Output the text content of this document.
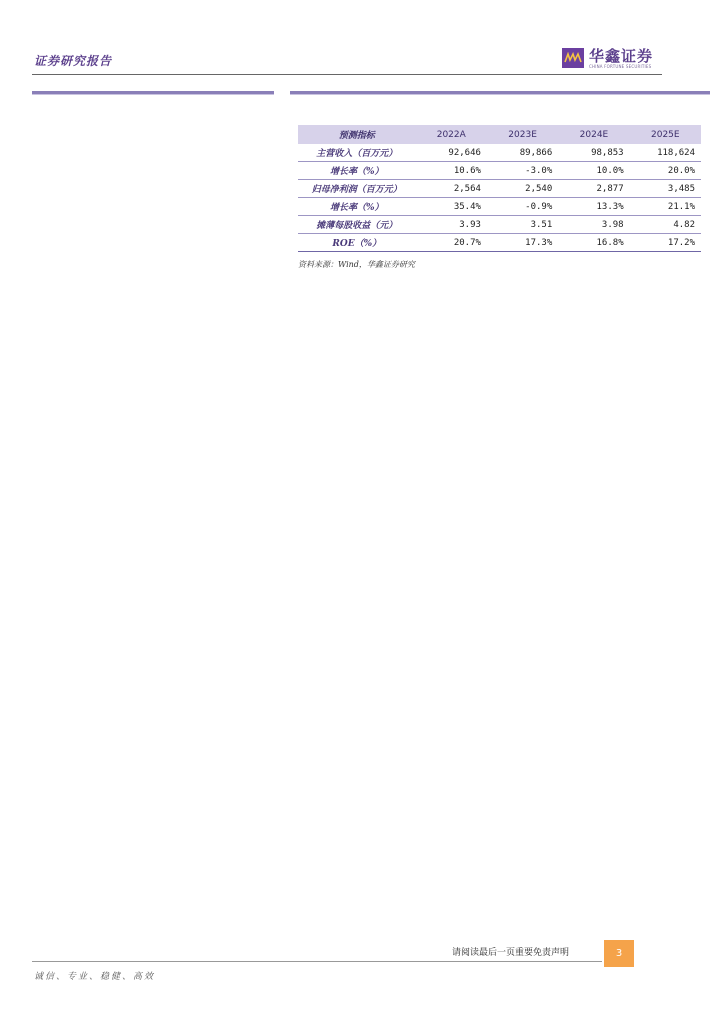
证券研究报告	华鑫证券
CHINA FORTUNE SECURITIES
预测指标	2022A	2023E	2024E	2025E
主营收入（百万元）	92,646	89,866	98,853	118,624
增长率（%）	10.6%	-3.0%	10.0%	20.0%
归母净利润（百万元）	2,564	2,540	2,877	3,485
增长率（%）	35.4%	-0.9%	13.3%	21.1%
摊薄每股收益（元）	3.93	3.51	3.98	4.82
ROE（%）	20.7%	17.3%	16.8%	17.2%
资料来源：Wind，华鑫证券研究
请阅读最后一页重要免责声明	3
诚信、专业、稳健、高效
